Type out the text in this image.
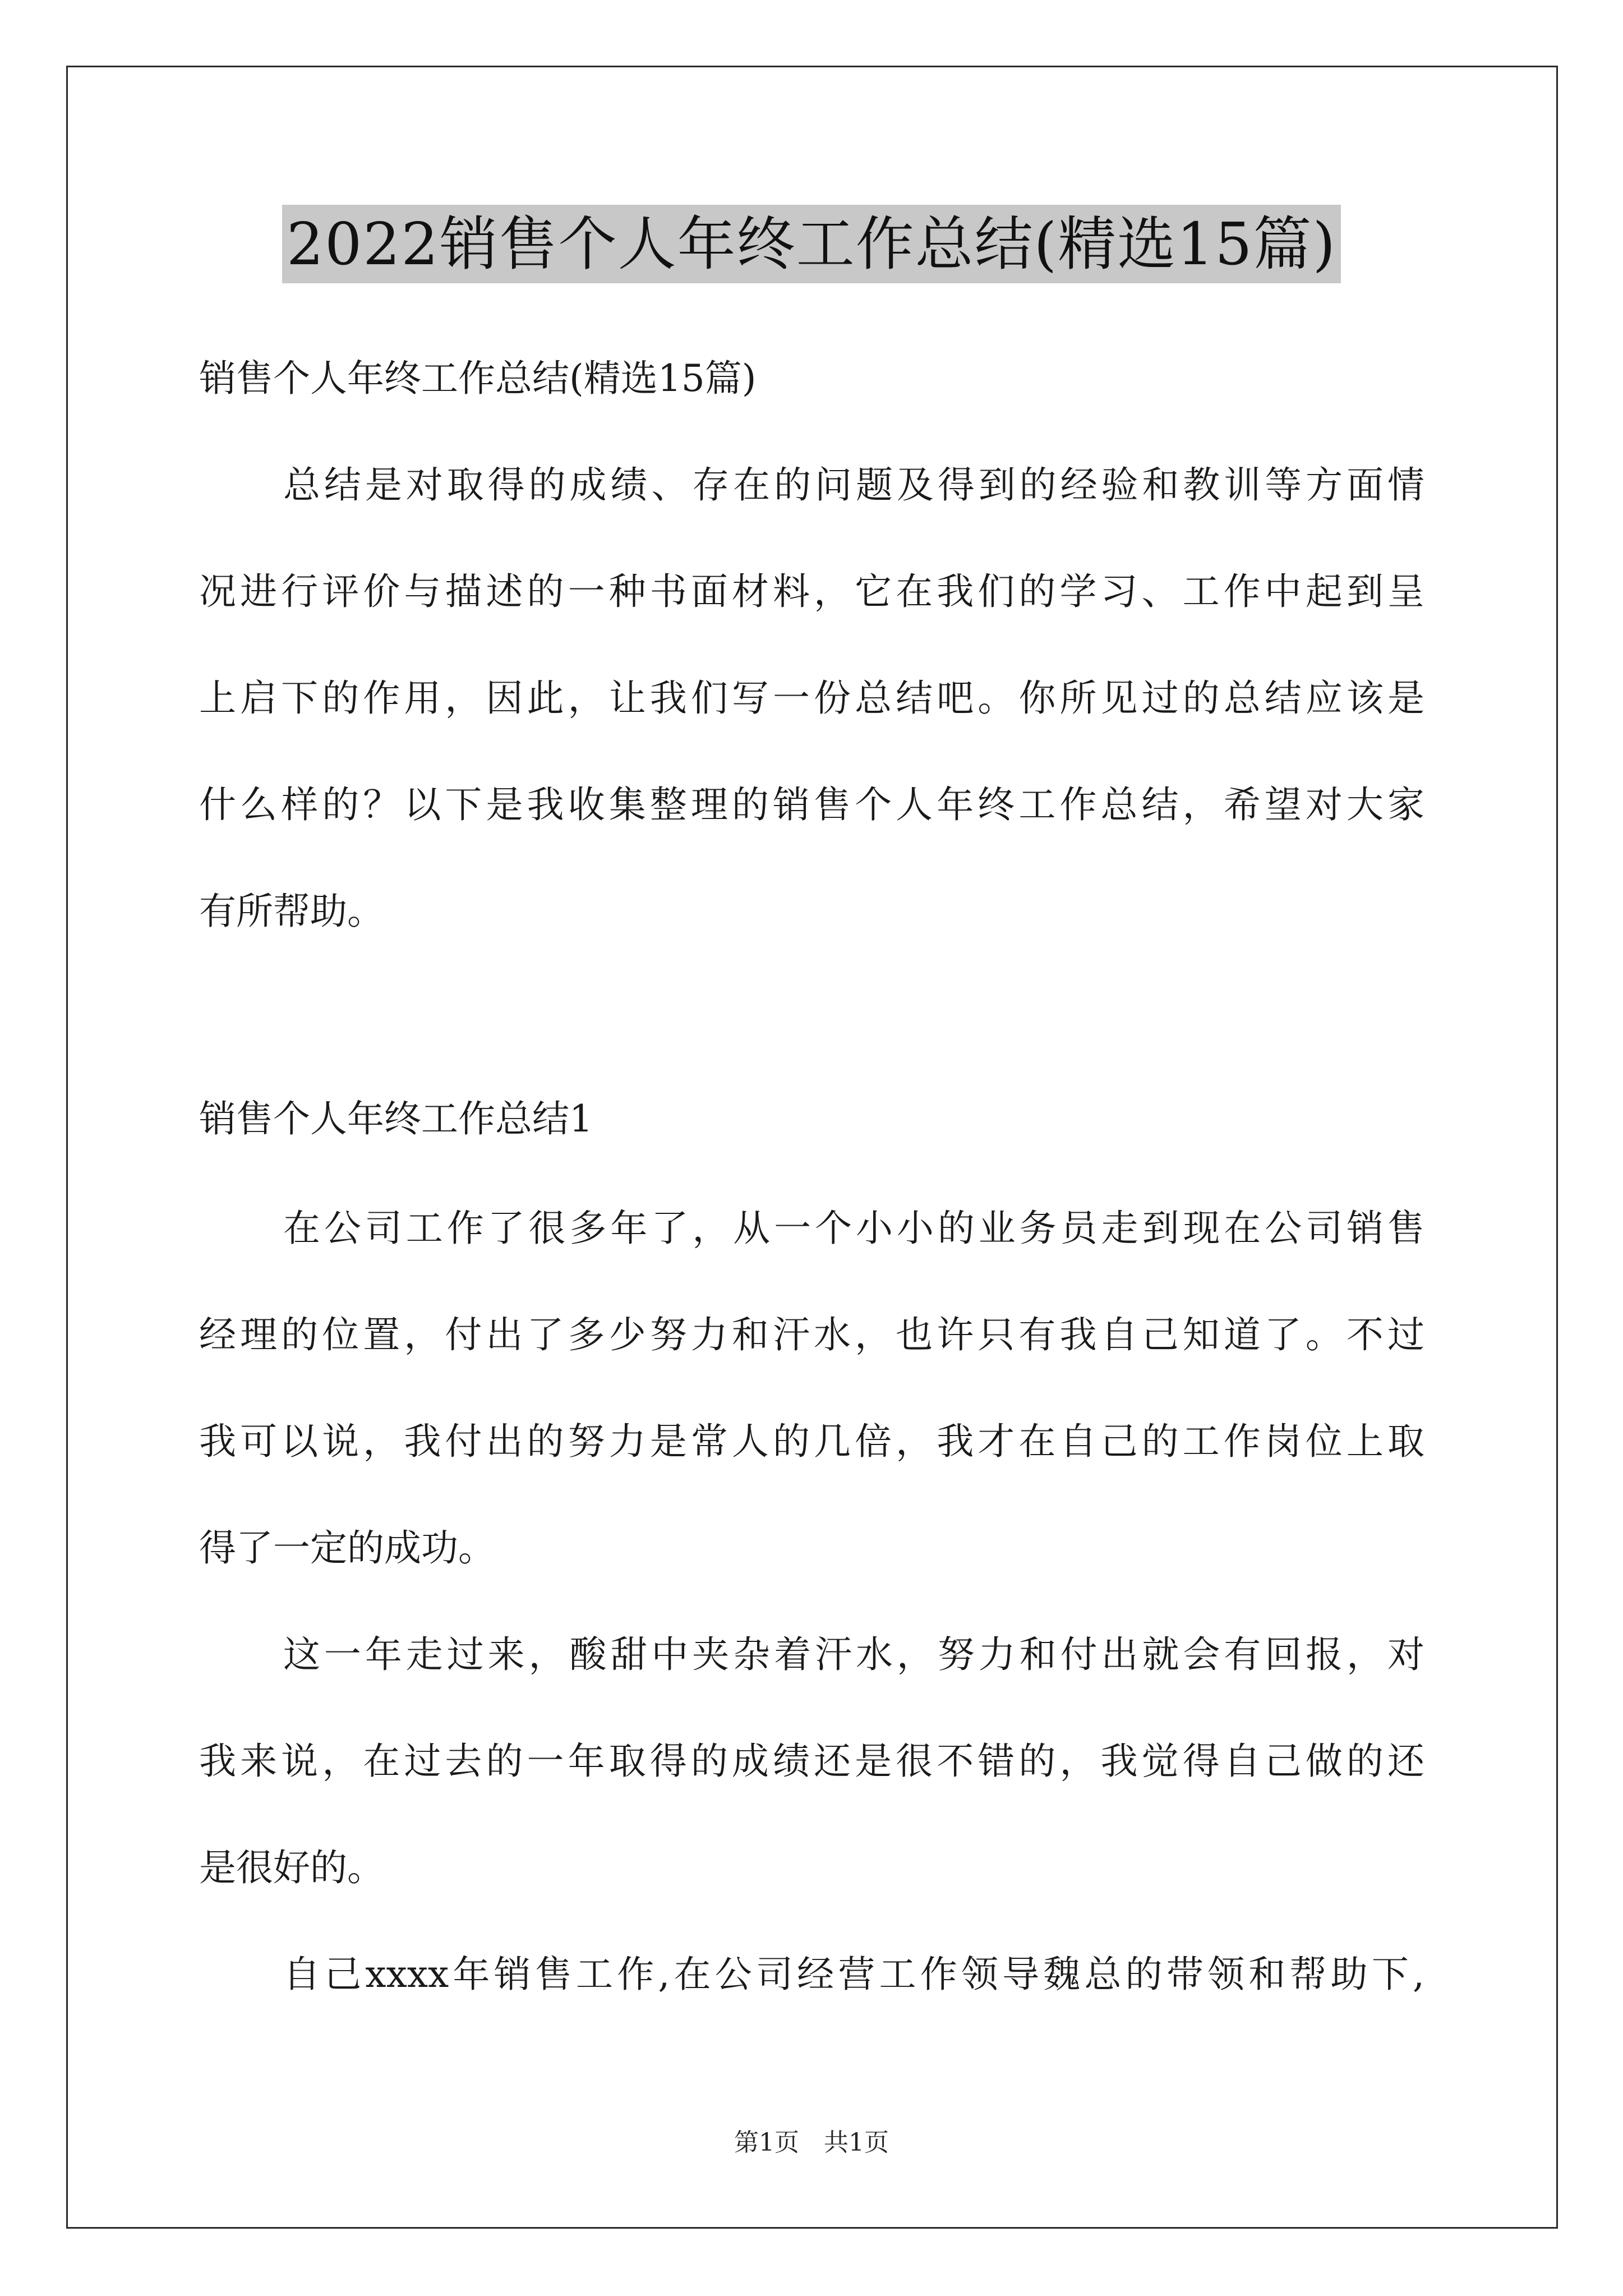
2022销售个人年终工作总结(精选15篇)
销售个人年终工作总结(精选15篇)
总结是对取得的成绩、存在的问题及得到的经验和教训等方面情
况进行评价与描述的一种书面材料，它在我们的学习、工作中起到呈
上启下的作用，因此，让我们写一份总结吧。你所见过的总结应该是
什么样的？以下是我收集整理的销售个人年终工作总结，希望对大家
有所帮助。
销售个人年终工作总结1
在公司工作了很多年了，从一个小小的业务员走到现在公司销售
经理的位置，付出了多少努力和汗水，也许只有我自己知道了。不过
我可以说，我付出的努力是常人的几倍，我才在自己的工作岗位上取
得了一定的成功。
这一年走过来，酸甜中夹杂着汗水，努力和付出就会有回报，对
我来说，在过去的一年取得的成绩还是很不错的，我觉得自己做的还
是很好的。
自己xxxx年销售工作,在公司经营工作领导魏总的带领和帮助下,
第1页　共1页
